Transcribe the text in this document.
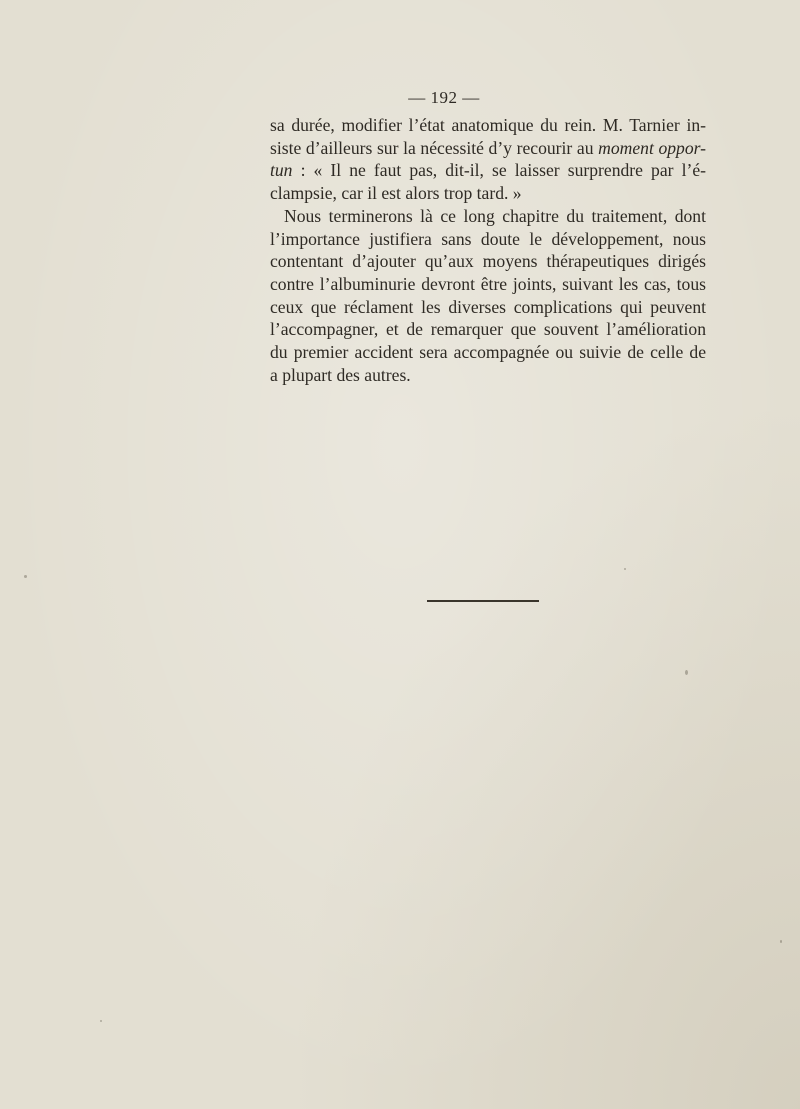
— 192 —
sa durée, modifier l’état anatomique du rein. M. Tarnier in-
siste d’ailleurs sur la nécessité d’y recourir au moment oppor-
tun : « Il ne faut pas, dit-il, se laisser surprendre par l’é-
clampsie, car il est alors trop tard. »
Nous terminerons là ce long chapitre du traitement, dont
l’importance justifiera sans doute le développement, nous
contentant d’ajouter qu’aux moyens thérapeutiques dirigés
contre l’albuminurie devront être joints, suivant les cas, tous
ceux que réclament les diverses complications qui peuvent
l’accompagner, et de remarquer que souvent l’amélioration
du premier accident sera accompagnée ou suivie de celle de
a plupart des autres.
